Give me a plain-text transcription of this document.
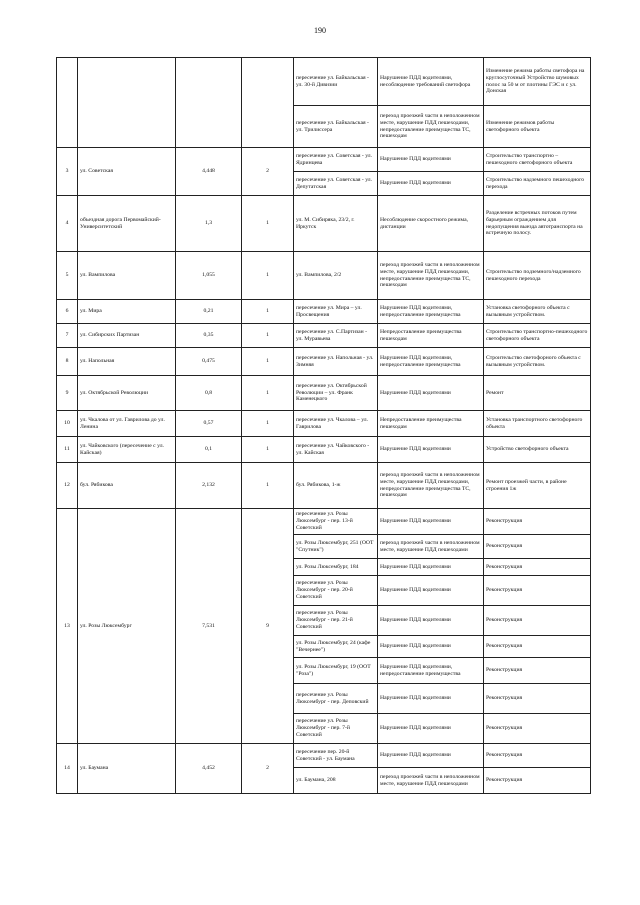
190
				пересечение ул. Байкальская - ул. 30-й Дивизии	Нарушение ПДД водителями, несоблюдение требований светофора	Изменение режима работы светофора на круглосуточный Устройство шумовых полос за 50 м от плотины ГЭС и с ул. Донская
				пересечение ул. Байкальская - ул. Трилиссера	переход проезжей части в неположенном месте, нарушение ПДД пешеходами, непредоставление преимущества ТС, пешеходам	Изменение режимов работы светофорного объекта
3	ул. Советская	4,448	2	пересечение ул. Советская - ул. Ядринцева	Нарушение ПДД водителями	Строительство транспортно – пешеходного светофорного объекта
				пересечение ул. Советская - ул. Депутатская	Нарушение ПДД водителями	Строительство надземного пешеходного перехода
4	объездная дорога Первомайский-Университетский	1,3	1	ул. М. Сибиряка, 23/2, г. Иркутск	Несоблюдение скоростного режима, дистанции	Разделение встречных потоков путем барьерным ограждением для недопущения выезда автотранспорта на встречную полосу.
5	ул. Вампилова	1,055	1	ул. Вампилова, 2/2	переход проезжей части в неположенном месте, нарушение ПДД пешеходами, непредоставление преимущества ТС, пешеходам	Строительство подземного/надземного пешеходного перехода
6	ул. Мира	0,21	1	пересечение ул. Мира – ул. Просвещения	Нарушение ПДД водителями, непредоставление преимущества	Установка светофорного объекта с вызывным устройством.
7	ул. Сибирских Партизан	0,35	1	пересечение ул. С.Партизан - ул. Муравьева	Непредоставление преимущества пешеходам	Строительство транспортно-пешеходного светофорного объекта
8	ул. Напольная	0,475	1	пересечение ул. Напольная - ул. Зимняя	Нарушение ПДД водителями, непредоставление преимущества	Строительство светофорного объекта с вызывным устройством.
9	ул. Октябрьской Революции	0,8	1	пересечение ул. Октябрьской Революции – ул. Франк Каменецкого	Нарушение ПДД водителями	Ремонт
10	ул. Чкалова от ул. Гаврилова до ул. Ленина	0,57	1	пересечение ул. Чкалова – ул. Гаврилова	Непредоставление преимущества пешеходам	Установка транспортного светофорного объекта
11	ул. Чайковского (пересечение с ул. Кайская)	0,1	1	пересечение ул. Чайковского - ул. Кайская	Нарушение ПДД водителями	Устройство светофорного объекта
12	бул. Рябикова	2,132	1	бул. Рябикова, 1-ж	переход проезжей части в неположенном месте, нарушение ПДД пешеходами, непредоставление преимущества ТС, пешеходам	Ремонт проезжей части, в районе строения 1ж
13	ул. Розы Люксембург	7,531	9	пересечение ул. Розы Люксембург - пер. 13-й Советский	Нарушение ПДД водителями	Реконструкция
				ул. Розы Люксембург, 251 (ООТ "Спутник")	переход проезжей части в неположенном месте, нарушение ПДД пешеходами	Реконструкция
				ул. Розы Люксембург, 184	Нарушение ПДД водителями	Реконструкция
				пересечение ул. Розы Люксембург - пер. 20-й Советский	Нарушение ПДД водителями	Реконструкция
				пересечение ул. Розы Люксембург - пер. 21-й Советский	Нарушение ПДД водителями	Реконструкция
				ул. Розы Люксембург, 24 (кафе "Вечернее")	Нарушение ПДД водителями	Реконструкция
				ул. Розы Люксембург, 19 (ООТ "Роза")	Нарушение ПДД водителями, непредоставление преимущества	Реконструкция
				пересечение ул. Розы Люксембург - пер. Деповский	Нарушение ПДД водителями	Реконструкция
				пересечение ул. Розы Люксембург - пер. 7-й Советский	Нарушение ПДД водителями	Реконструкция
14	ул. Баумана	4,452	2	пересечение пер. 20-й Советский - ул. Баумана	Нарушение ПДД водителями	Реконструкция
				ул. Баумана, 208	переход проезжей части в неположенном месте, нарушение ПДД пешеходами	Реконструкция
